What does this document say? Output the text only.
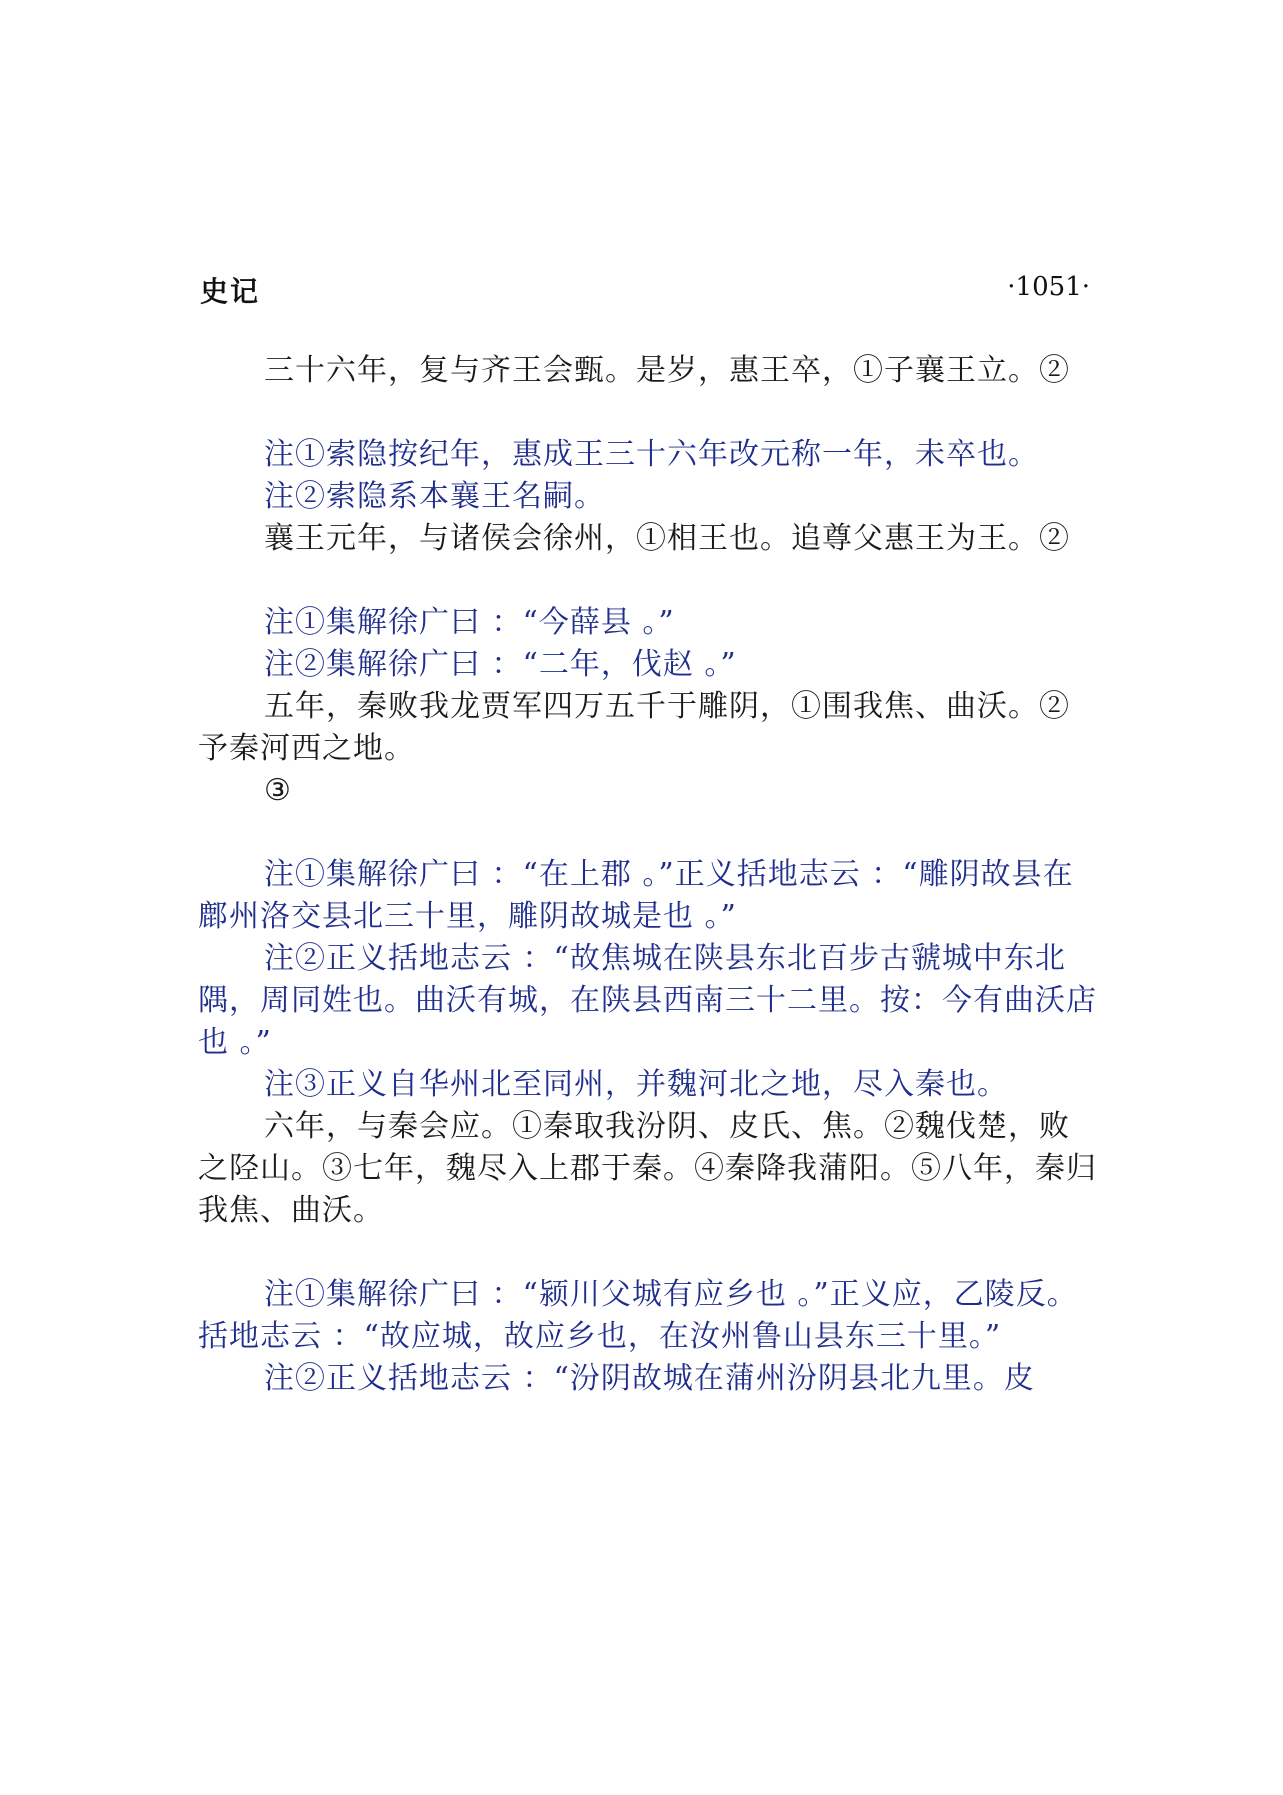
史记	·1051·

三十六年，复与齐王会甄。是岁，惠王卒，①子襄王立。②

注①索隐按纪年，惠成王三十六年改元称一年，未卒也。

注②索隐系本襄王名嗣。

襄王元年，与诸侯会徐州，①相王也。追尊父惠王为王。②

注①集解徐广曰 ：“今薛县 。”

注②集解徐广曰 ：“二年，伐赵 。”

五年，秦败我龙贾军四万五千于雕阴，①围我焦、曲沃。②予秦河西之地。

③

注①集解徐广曰 ：“在上郡 。”正义括地志云 ：“雕阴故县在鄜州洛交县北三十里，雕阴故城是也 。”

注②正义括地志云 ：“故焦城在陕县东北百步古虢城中东北隅，周同姓也。曲沃有城，在陕县西南三十二里。按：今有曲沃店也 。”

注③正义自华州北至同州，并魏河北之地，尽入秦也。

六年，与秦会应。①秦取我汾阴、皮氏、焦。②魏伐楚，败之陉山。③七年，魏尽入上郡于秦。④秦降我蒲阳。⑤八年，秦归我焦、曲沃。

注①集解徐广曰 ：“颍川父城有应乡也 。”正义应，乙陵反。括地志云 ：“故应城，故应乡也，在汝州鲁山县东三十里。”

注②正义括地志云 ：“汾阴故城在蒲州汾阴县北九里。皮
